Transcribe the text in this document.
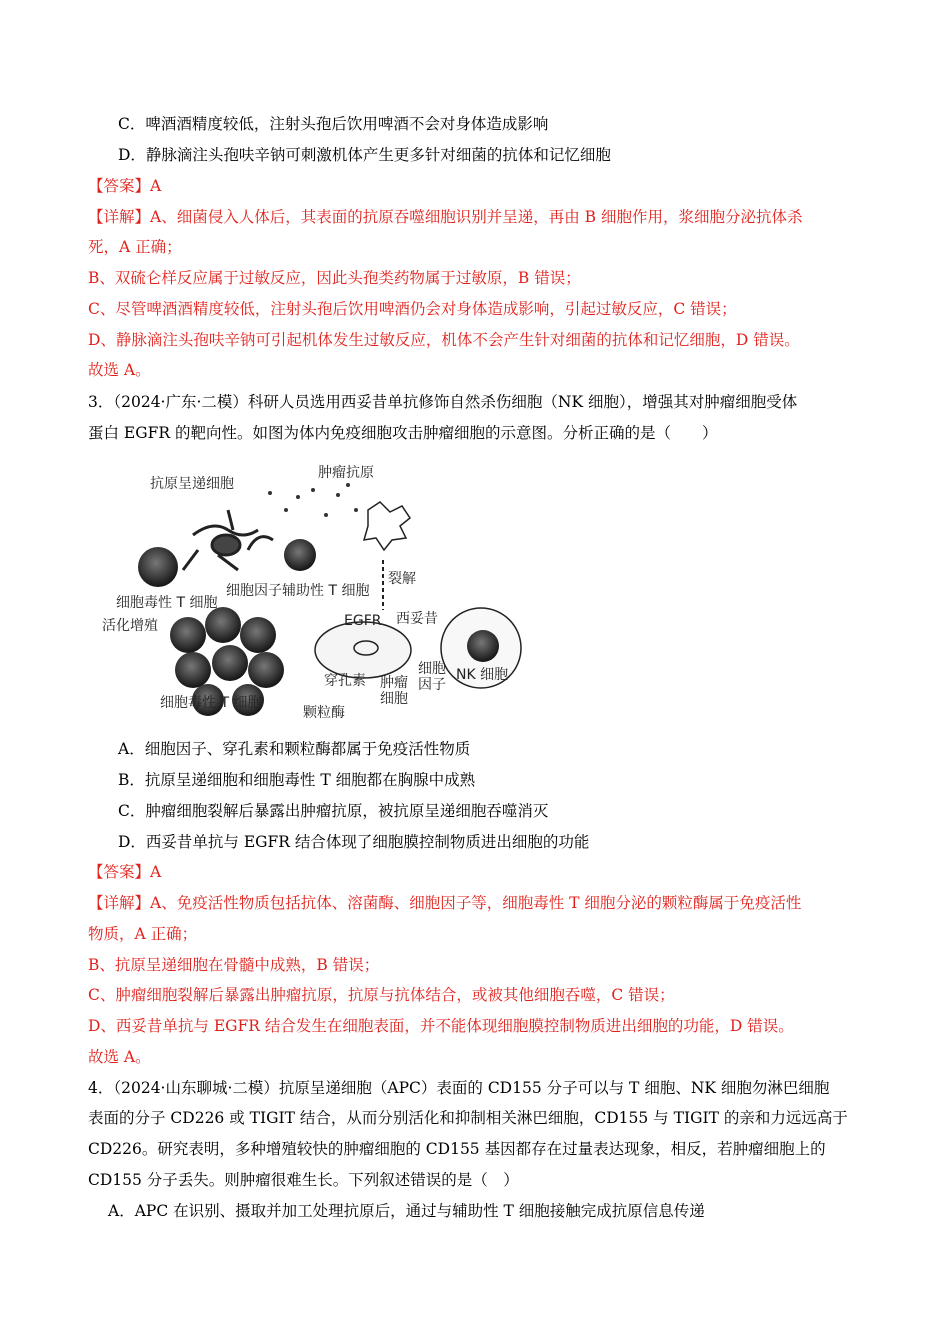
C．啤酒酒精度较低，注射头孢后饮用啤酒不会对身体造成影响
D．静脉滴注头孢呋辛钠可刺激机体产生更多针对细菌的抗体和记忆细胞
【答案】A
【详解】A、细菌侵入人体后，其表面的抗原吞噬细胞识别并呈递，再由 B 细胞作用，浆细胞分泌抗体杀
死，A 正确；
B、双硫仑样反应属于过敏反应，因此头孢类药物属于过敏原，B 错误；
C、尽管啤酒酒精度较低，注射头孢后饮用啤酒仍会对身体造成影响，引起过敏反应，C 错误；
D、静脉滴注头孢呋辛钠可引起机体发生过敏反应，机体不会产生针对细菌的抗体和记忆细胞，D 错误。
故选 A。
3．（2024·广东·二模）科研人员选用西妥昔单抗修饰自然杀伤细胞（NK 细胞），增强其对肿瘤细胞受体
蛋白 EGFR 的靶向性。如图为体内免疫细胞攻击肿瘤细胞的示意图。分析正确的是（　　）
抗原呈递细胞
肿瘤抗原
裂解
细胞因子辅助性 T 细胞
细胞毒性 T 细胞
活化增殖	EGFR 西妥昔
穿孔素 肿瘤
细胞
细胞
因子
细胞毒性 T 细胞
颗粒酶
NK 细胞
A．细胞因子、穿孔素和颗粒酶都属于免疫活性物质
B．抗原呈递细胞和细胞毒性 T 细胞都在胸腺中成熟
C．肿瘤细胞裂解后暴露出肿瘤抗原，被抗原呈递细胞吞噬消灭
D．西妥昔单抗与 EGFR 结合体现了细胞膜控制物质进出细胞的功能
【答案】A
【详解】A、免疫活性物质包括抗体、溶菌酶、细胞因子等，细胞毒性 T 细胞分泌的颗粒酶属于免疫活性
物质，A 正确；
B、抗原呈递细胞在骨髓中成熟，B 错误；
C、肿瘤细胞裂解后暴露出肿瘤抗原，抗原与抗体结合，或被其他细胞吞噬，C 错误；
D、西妥昔单抗与 EGFR 结合发生在细胞表面，并不能体现细胞膜控制物质进出细胞的功能，D 错误。
故选 A。
4．（2024·山东聊城·二模）抗原呈递细胞（APC）表面的 CD155 分子可以与 T 细胞、NK 细胞勿淋巴细胞
表面的分子 CD226 或 TIGIT 结合，从而分别活化和抑制相关淋巴细胞，CD155 与 TIGIT 的亲和力远远高于
CD226。研究表明，多种增殖较快的肿瘤细胞的 CD155 基因都存在过量表达现象，相反，若肿瘤细胞上的
CD155 分子丢失。则肿瘤很难生长。下列叙述错误的是（　）
A．APC 在识别、摄取并加工处理抗原后，通过与辅助性 T 细胞接触完成抗原信息传递
